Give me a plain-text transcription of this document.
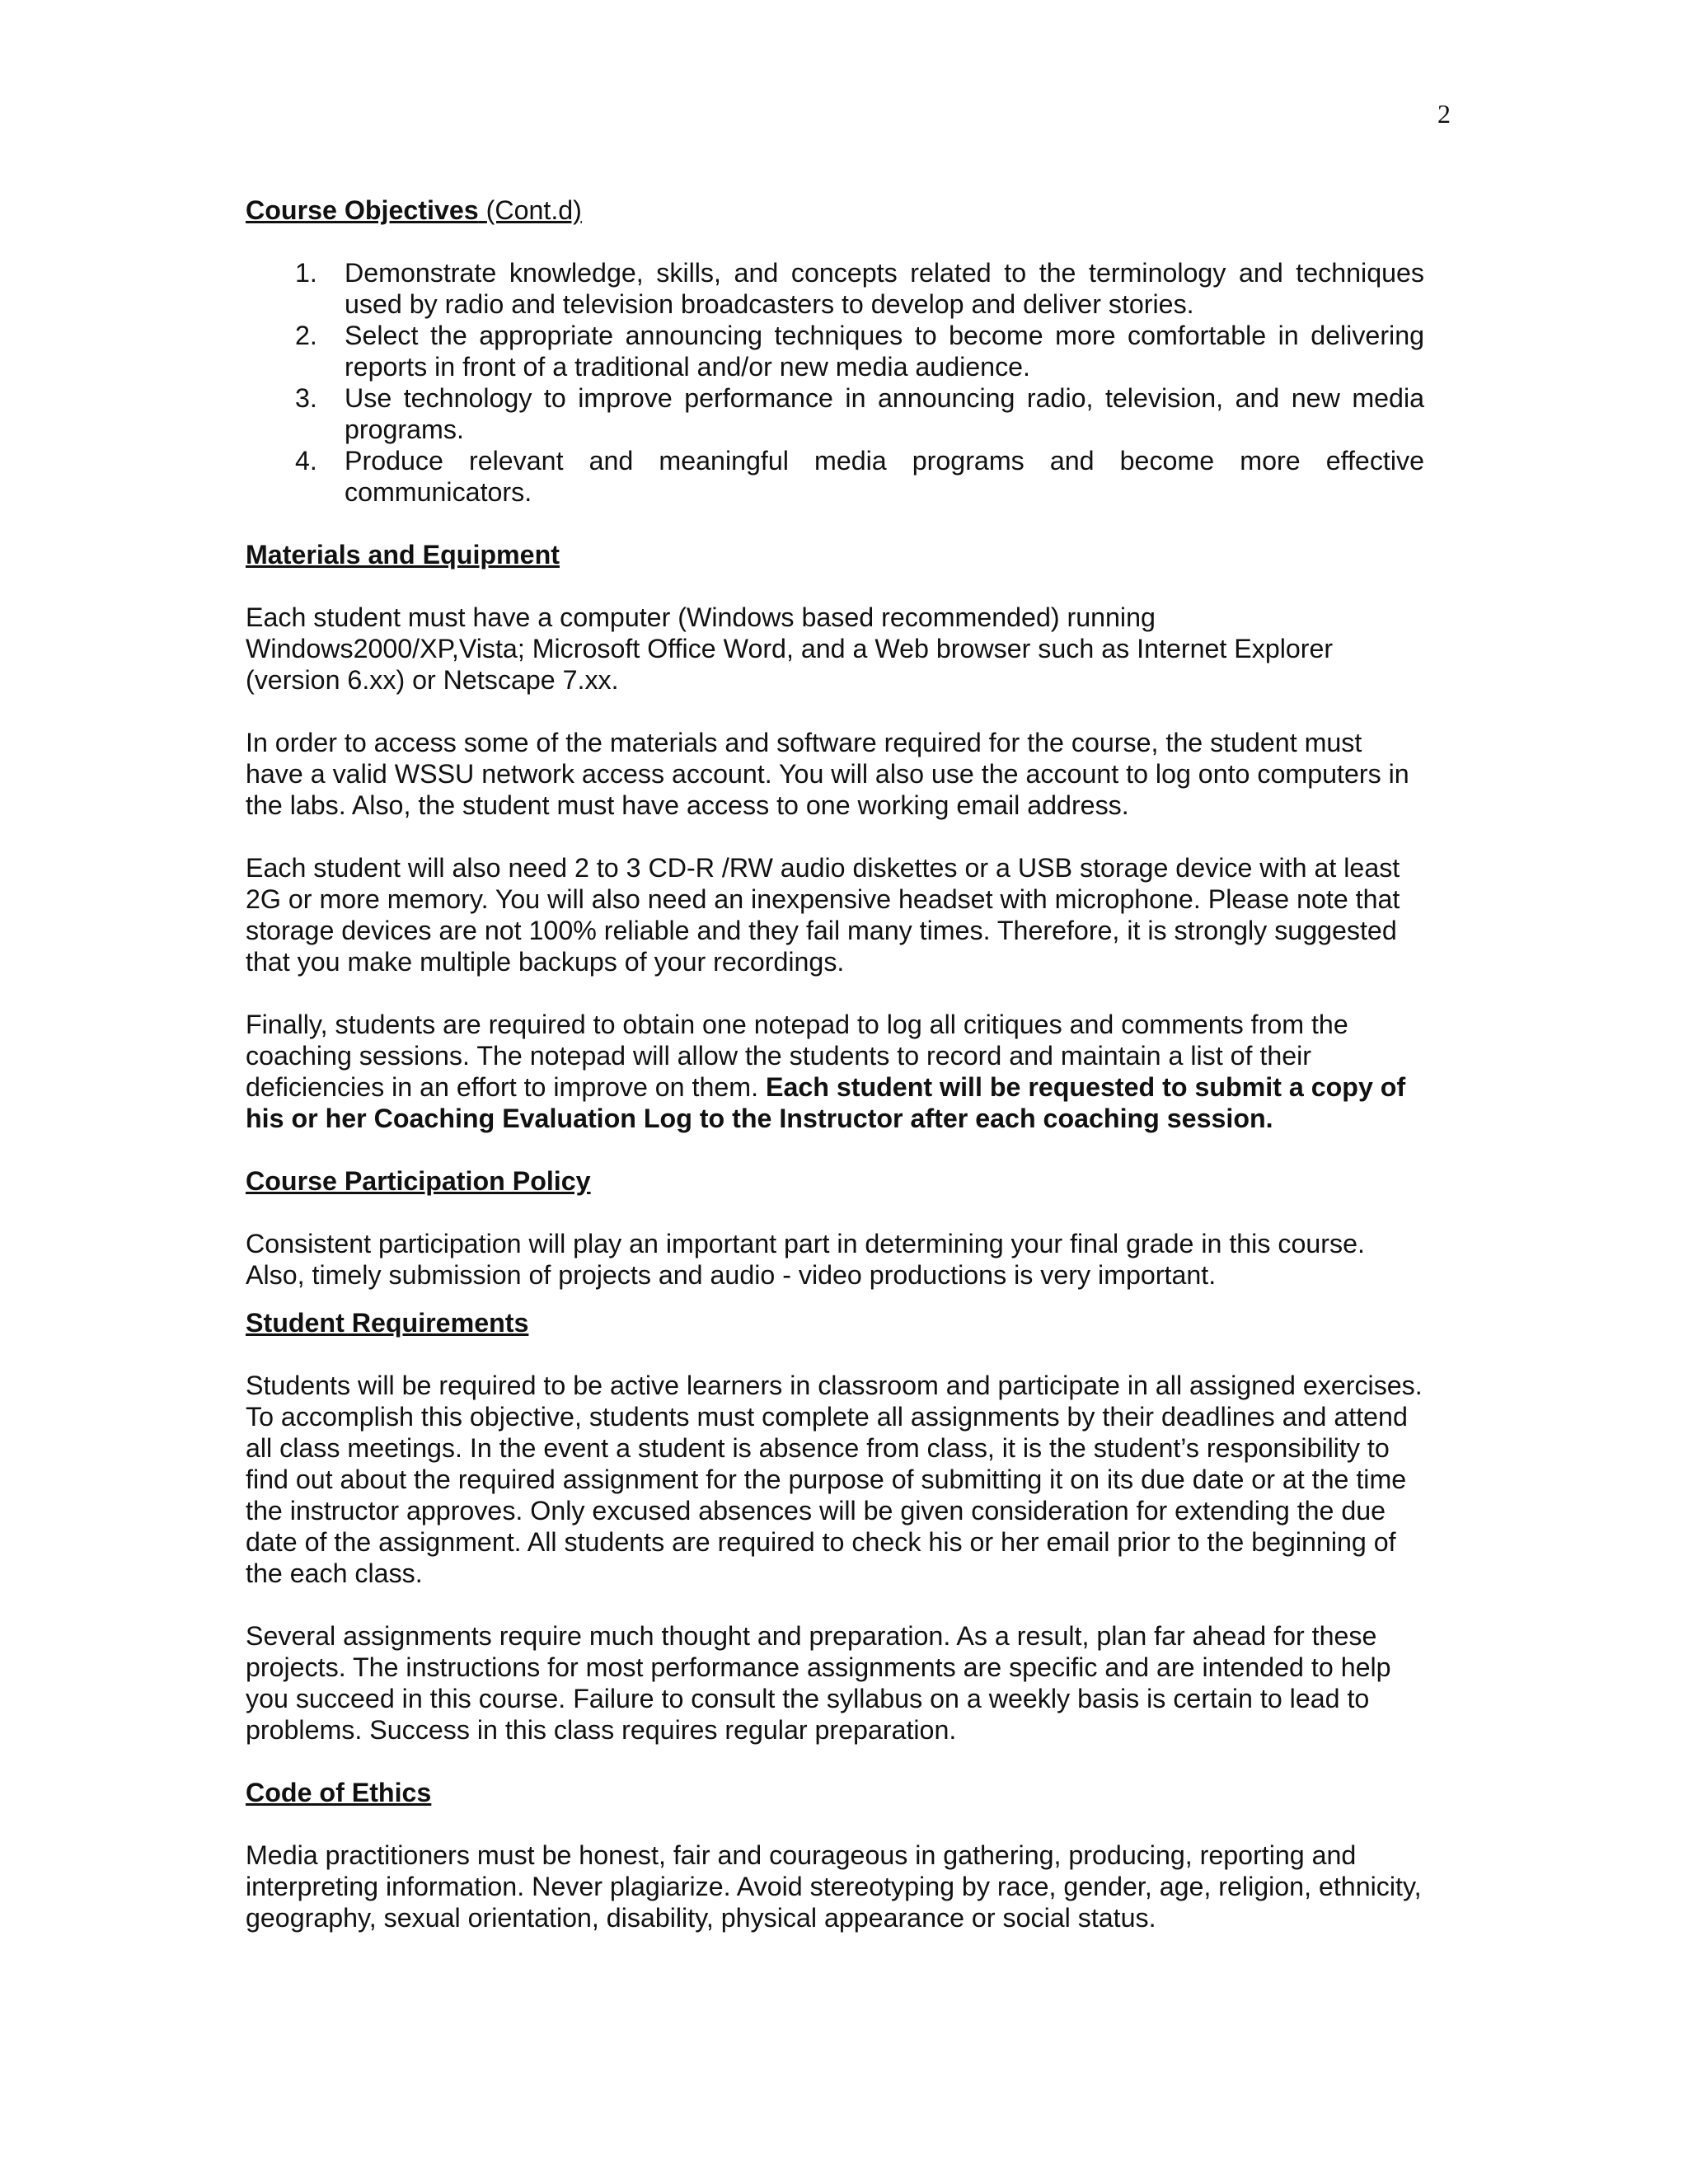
2
Course Objectives (Cont.d)
1. Demonstrate knowledge, skills, and concepts related to the terminology and techniques used by radio and television broadcasters to develop and deliver stories.
2. Select the appropriate announcing techniques to become more comfortable in delivering reports in front of a traditional and/or new media audience.
3. Use technology to improve performance in announcing radio, television, and new media programs.
4. Produce relevant and meaningful media programs and become more effective communicators.
Materials and Equipment

Each student must have a computer (Windows based recommended) running Windows2000/XP,Vista; Microsoft Office Word, and a Web browser such as Internet Explorer (version 6.xx) or Netscape 7.xx.

In order to access some of the materials and software required for the course, the student must have a valid WSSU network access account. You will also use the account to log onto computers in the labs. Also, the student must have access to one working email address.

Each student will also need 2 to 3 CD-R /RW audio diskettes or a USB storage device with at least 2G or more memory. You will also need an inexpensive headset with microphone. Please note that storage devices are not 100% reliable and they fail many times. Therefore, it is strongly suggested that you make multiple backups of your recordings.

Finally, students are required to obtain one notepad to log all critiques and comments from the coaching sessions. The notepad will allow the students to record and maintain a list of their deficiencies in an effort to improve on them. Each student will be requested to submit a copy of his or her Coaching Evaluation Log to the Instructor after each coaching session.

Course Participation Policy

Consistent participation will play an important part in determining your final grade in this course. Also, timely submission of projects and audio - video productions is very important.

Student Requirements

Students will be required to be active learners in classroom and participate in all assigned exercises. To accomplish this objective, students must complete all assignments by their deadlines and attend all class meetings. In the event a student is absence from class, it is the student’s responsibility to find out about the required assignment for the purpose of submitting it on its due date or at the time the instructor approves. Only excused absences will be given consideration for extending the due date of the assignment. All students are required to check his or her email prior to the beginning of the each class.

Several assignments require much thought and preparation. As a result, plan far ahead for these projects. The instructions for most performance assignments are specific and are intended to help you succeed in this course. Failure to consult the syllabus on a weekly basis is certain to lead to problems. Success in this class requires regular preparation.

Code of Ethics

Media practitioners must be honest, fair and courageous in gathering, producing, reporting and interpreting information. Never plagiarize. Avoid stereotyping by race, gender, age, religion, ethnicity, geography, sexual orientation, disability, physical appearance or social status.
